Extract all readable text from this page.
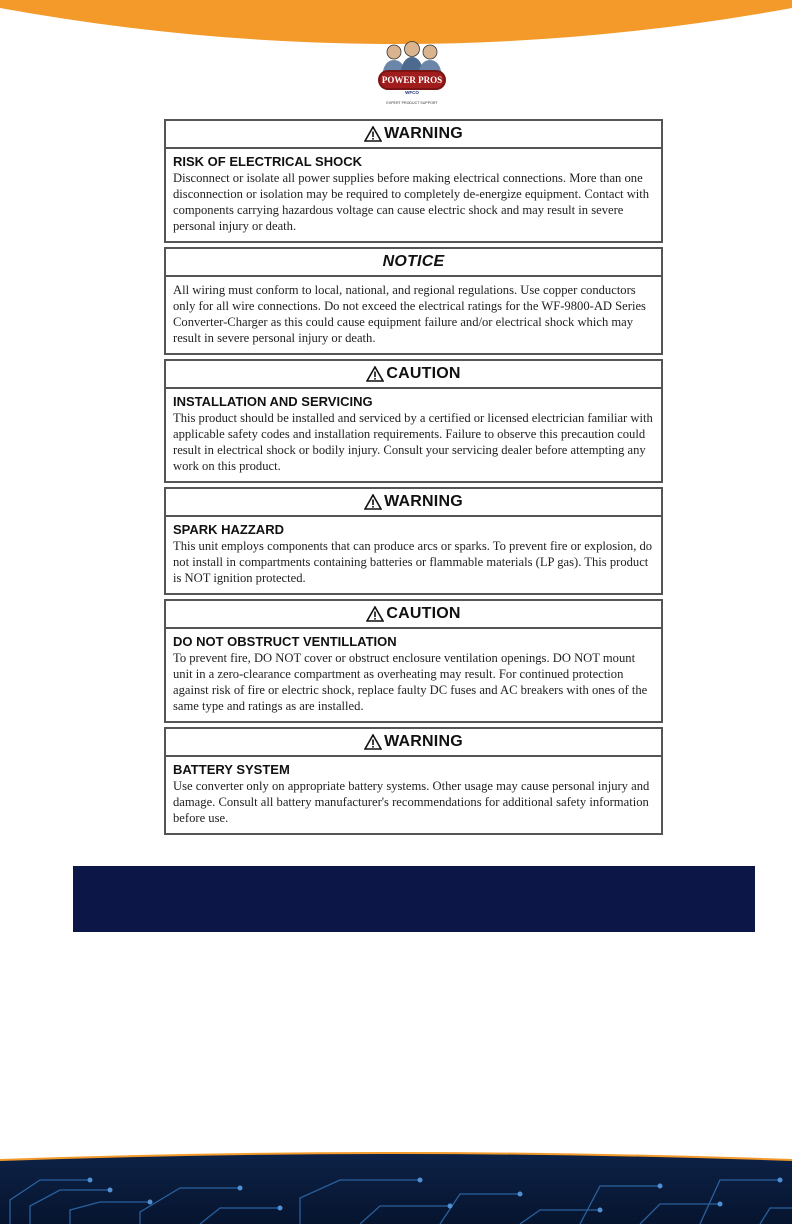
POWER PROS
WFCO
EXPERT PRODUCT SUPPORT
WARNING

RISK OF ELECTRICAL SHOCK

Disconnect or isolate all power supplies before making electrical connections. More than one disconnection or isolation may be required to completely de-energize equipment. Contact with components carrying hazardous voltage can cause electric shock and may result in severe personal injury or death.

NOTICE

All wiring must conform to local, national, and regional regulations. Use copper conductors only for all wire connections. Do not exceed the electrical ratings for the WF-9800-AD Series Converter-Charger as this could cause equipment failure and/or electrical shock which may result in severe personal injury or death.

CAUTION

INSTALLATION AND SERVICING

This product should be installed and serviced by a certified or licensed electrician familiar with applicable safety codes and installation requirements. Failure to observe this precaution could result in electrical shock or bodily injury. Consult your servicing dealer before attempting any work on this product.

WARNING

SPARK HAZZARD

This unit employs components that can produce arcs or sparks. To prevent fire or explosion, do not install in compartments containing batteries or flammable materials (LP gas). This product is NOT ignition protected.

CAUTION

DO NOT OBSTRUCT VENTILLATION

To prevent fire, DO NOT cover or obstruct enclosure ventilation openings. DO NOT mount unit in a zero-clearance compartment as overheating may result. For continued protection against risk of fire or electric shock, replace faulty DC fuses and AC breakers with ones of the same type and ratings as are installed.

WARNING

BATTERY SYSTEM

Use converter only on appropriate battery systems. Other usage may cause personal injury and damage. Consult all battery manufacturer's recommendations for additional safety information before use.
